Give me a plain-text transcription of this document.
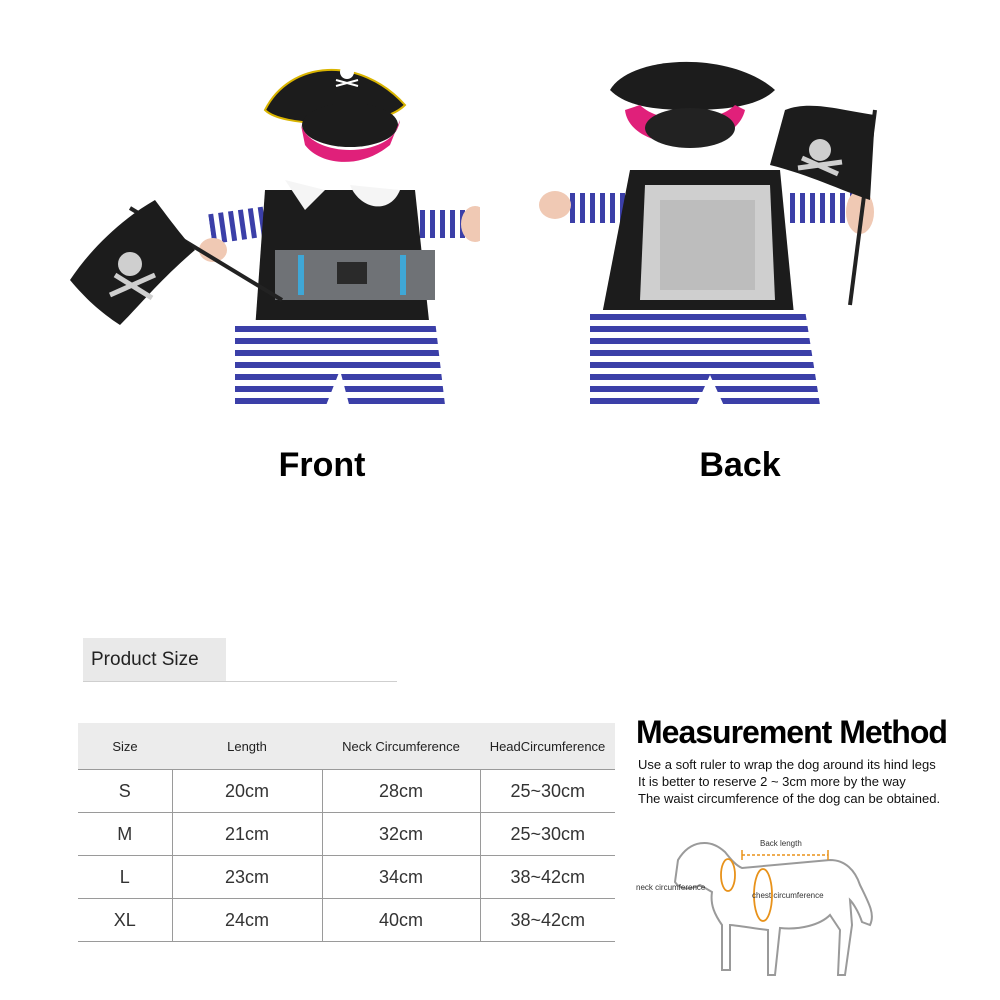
Front	Back
Product Size
Size	Length	Neck Circumference	HeadCircumference
S	20cm	28cm	25~30cm
M	21cm	32cm	25~30cm
L	23cm	34cm	38~42cm
XL	24cm	40cm	38~42cm
Measurement Method
Use a soft ruler to wrap the dog around its hind legs
It is better to reserve 2 ~ 3cm more by the way
The waist circumference of the dog can be obtained.
Back length
neck circumference
chest circumference
